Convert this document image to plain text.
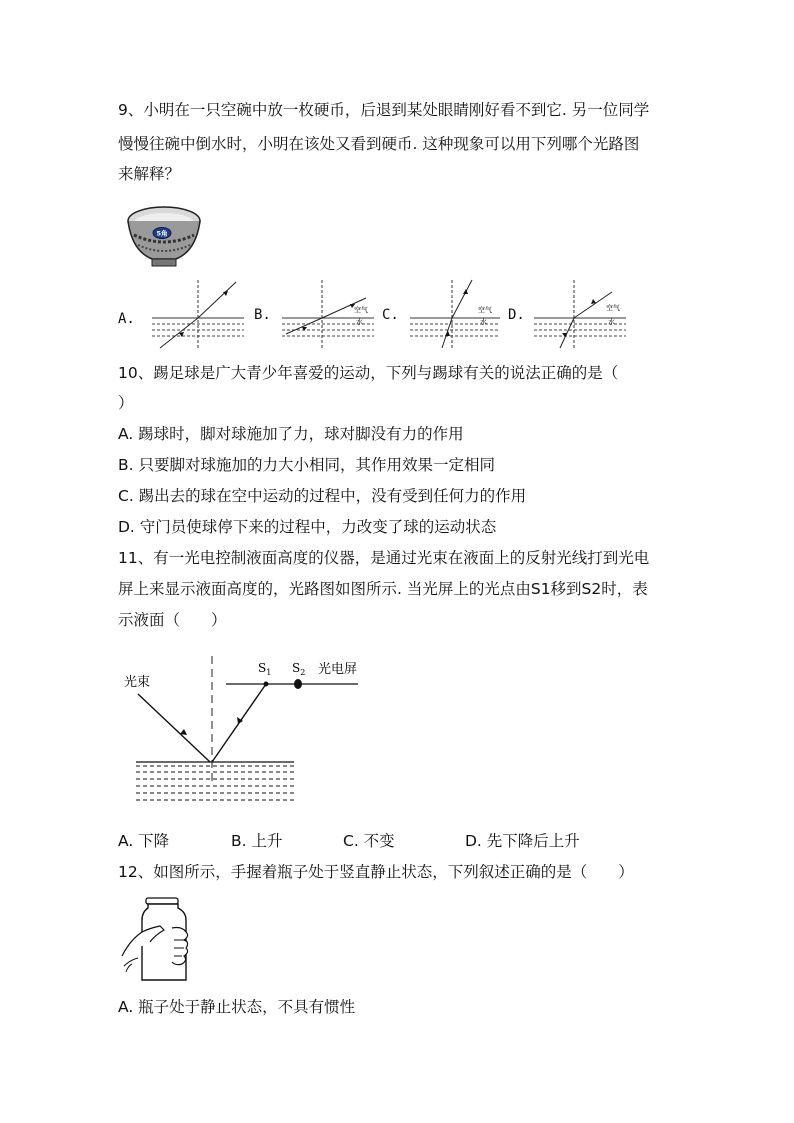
9、小明在一只空碗中放一枚硬币，后退到某处眼睛刚好看不到它. 另一位同学
慢慢往碗中倒水时，小明在该处又看到硬币. 这种现象可以用下列哪个光路图
来解释？
5角
A.	B.	C.	D.
空气
水
空气
水
空气
水
10、踢足球是广大青少年喜爱的运动，下列与踢球有关的说法正确的是（
）
A. 踢球时，脚对球施加了力，球对脚没有力的作用
B. 只要脚对球施加的力大小相同，其作用效果一定相同
C. 踢出去的球在空中运动的过程中，没有受到任何力的作用
D. 守门员使球停下来的过程中，力改变了球的运动状态
11、有一光电控制液面高度的仪器，是通过光束在液面上的反射光线打到光电
屏上来显示液面高度的，光路图如图所示. 当光屏上的光点由S1移到S2时，表
示液面（　　）
光束
$S_1$ $S_2$ 光电屏
A. 下降	B. 上升	C. 不变	D. 先下降后上升
12、如图所示，手握着瓶子处于竖直静止状态，下列叙述正确的是（　　）
A. 瓶子处于静止状态，不具有惯性
